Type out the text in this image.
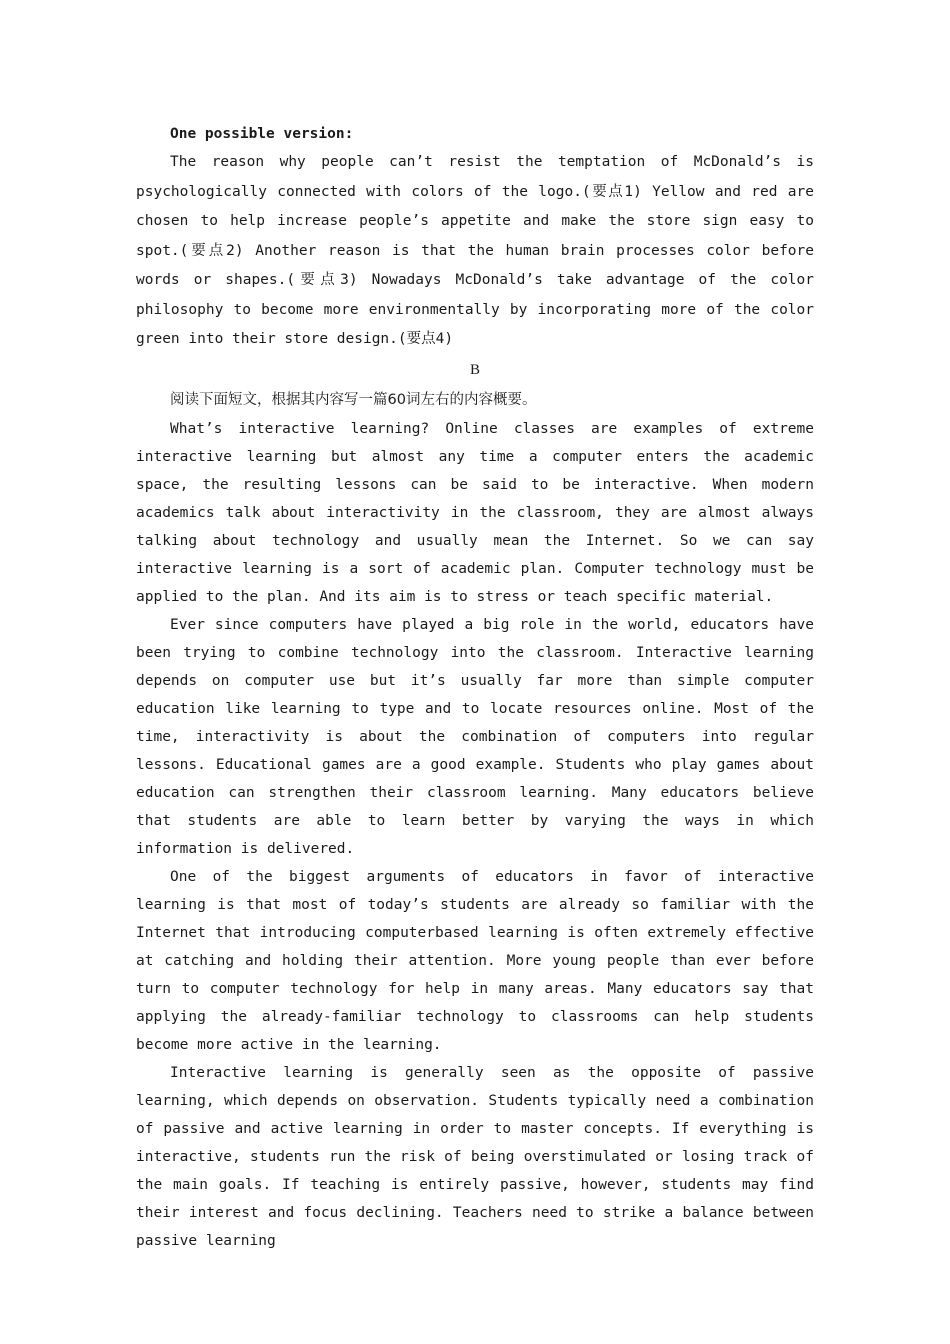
One possible version:

The reason why people can’t resist the temptation of McDonald’s is psychologically connected with colors of the logo.(要点1) Yellow and red are chosen to help increase people’s appetite and make the store sign easy to spot.(要点2) Another reason is that the human brain processes color before words or shapes.(要点3) Nowadays McDonald’s take advantage of the color philosophy to become more environmentally by incorporating more of the color green into their store design.(要点4)

B

阅读下面短文，根据其内容写一篇60词左右的内容概要。

What’s interactive learning? Online classes are examples of extreme interactive learning but almost any time a computer enters the academic space, the resulting lessons can be said to be interactive. When modern academics talk about interactivity in the classroom, they are almost always talking about technology and usually mean the Internet. So we can say interactive learning is a sort of academic plan. Computer technology must be applied to the plan. And its aim is to stress or teach specific material.

Ever since computers have played a big role in the world, educators have been trying to combine technology into the classroom. Interactive learning depends on computer use but it’s usually far more than simple computer education like learning to type and to locate resources online. Most of the time, interactivity is about the combination of computers into regular lessons. Educational games are a good example. Students who play games about education can strengthen their classroom learning. Many educators believe that students are able to learn better by varying the ways in which information is delivered.

One of the biggest arguments of educators in favor of interactive learning is that most of today’s students are already so familiar with the Internet that introducing computerbased learning is often extremely effective at catching and holding their attention. More young people than ever before turn to computer technology for help in many areas. Many educators say that applying the already-familiar technology to classrooms can help students become more active in the learning.

Interactive learning is generally seen as the opposite of passive learning, which depends on observation. Students typically need a combination of passive and active learning in order to master concepts. If everything is interactive, students run the risk of being overstimulated or losing track of the main goals. If teaching is entirely passive, however, students may find their interest and focus declining. Teachers need to strike a balance between passive learning
